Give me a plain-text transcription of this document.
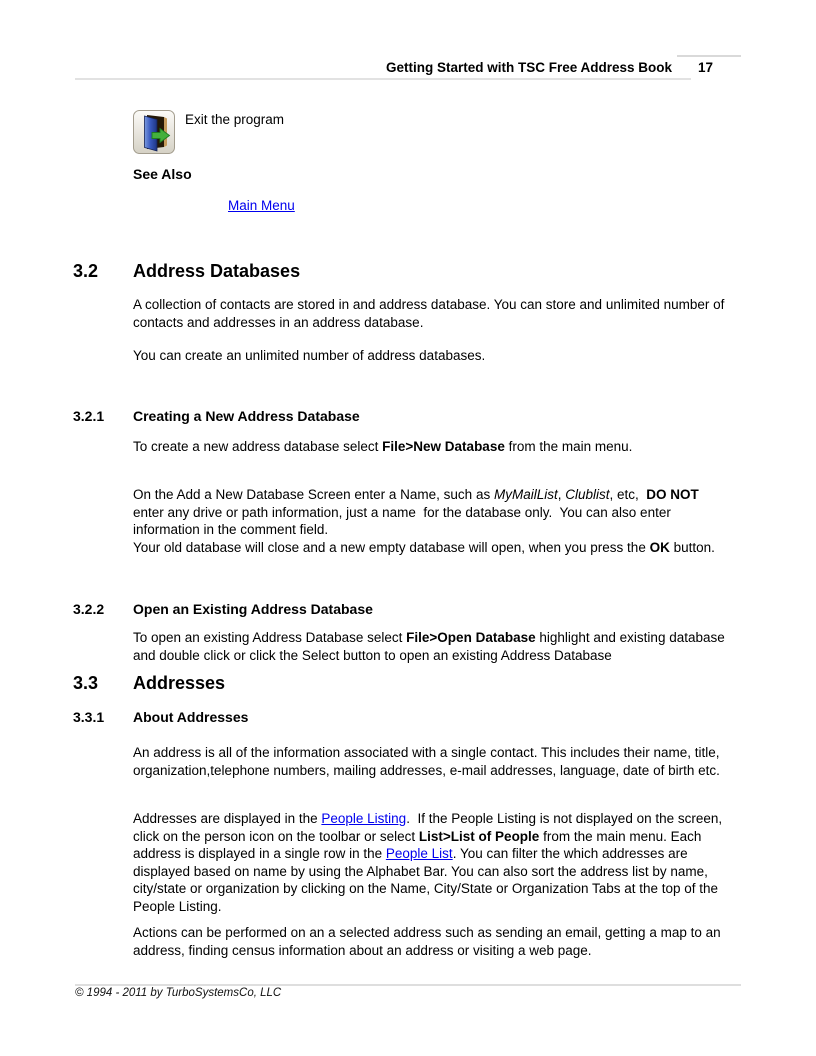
Getting Started with TSC Free Address Book 17
Exit the program
See Also
Main Menu
3.2 Address Databases

A collection of contacts are stored in and address database. You can store and unlimited number of contacts and addresses in an address database.

You can create an unlimited number of address databases.

3.2.1 Creating a New Address Database

To create a new address database select File>New Database from the main menu.

On the Add a New Database Screen enter a Name, such as MyMailList, Clublist, etc,  DO NOT enter any drive or path information, just a name  for the database only.  You can also enter information in the comment field.

Your old database will close and a new empty database will open, when you press the OK button.

3.2.2 Open an Existing Address Database

To open an existing Address Database select File>Open Database highlight and existing database and double click or click the Select button to open an existing Address Database

3.3 Addresses
3.3.1 About Addresses

An address is all of the information associated with a single contact. This includes their name, title, organization,telephone numbers, mailing addresses, e-mail addresses, language, date of birth etc.

Addresses are displayed in the People Listing.  If the People Listing is not displayed on the screen, click on the person icon on the toolbar or select List>List of People from the main menu. Each address is displayed in a single row in the People List. You can filter the which addresses are displayed based on name by using the Alphabet Bar. You can also sort the address list by name, city/state or organization by clicking on the Name, City/State or Organization Tabs at the top of the People Listing.

Actions can be performed on an a selected address such as sending an email, getting a map to an address, finding census information about an address or visiting a web page.

© 1994 - 2011 by TurboSystemsCo, LLC
